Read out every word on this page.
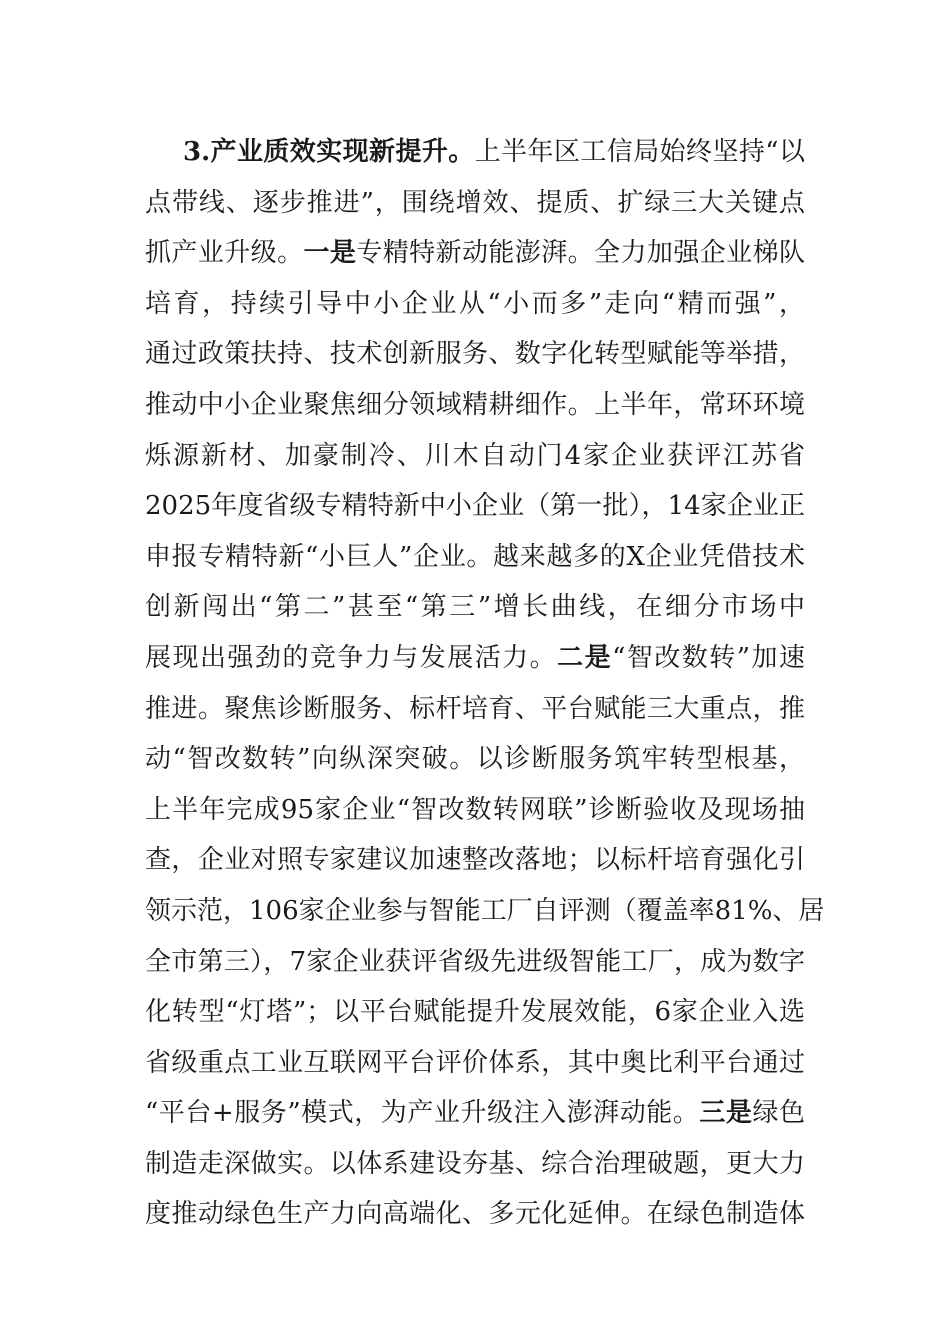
3.产业质效实现新提升。上半年区工信局始终坚持“以
点带线、逐步推进”，围绕增效、提质、扩绿三大关键点
抓产业升级。一是专精特新动能澎湃。全力加强企业梯队
培育，持续引导中小企业从“小而多”走向“精而强”，
通过政策扶持、技术创新服务、数字化转型赋能等举措，
推动中小企业聚焦细分领域精耕细作。上半年，常环环境
烁源新材、加豪制冷、川木自动门4家企业获评江苏省
2025年度省级专精特新中小企业（第一批），14家企业正
申报专精特新“小巨人”企业。越来越多的X企业凭借技术
创新闯出“第二”甚至“第三”增长曲线，在细分市场中
展现出强劲的竞争力与发展活力。二是“智改数转”加速
推进。聚焦诊断服务、标杆培育、平台赋能三大重点，推
动“智改数转”向纵深突破。以诊断服务筑牢转型根基，
上半年完成95家企业“智改数转网联”诊断验收及现场抽
查，企业对照专家建议加速整改落地；以标杆培育强化引
领示范，106家企业参与智能工厂自评测（覆盖率81%、居
全市第三），7家企业获评省级先进级智能工厂，成为数字
化转型“灯塔”；以平台赋能提升发展效能，6家企业入选
省级重点工业互联网平台评价体系，其中奥比利平台通过
“平台+服务”模式，为产业升级注入澎湃动能。三是绿色
制造走深做实。以体系建设夯基、综合治理破题，更大力
度推动绿色生产力向高端化、多元化延伸。在绿色制造体
